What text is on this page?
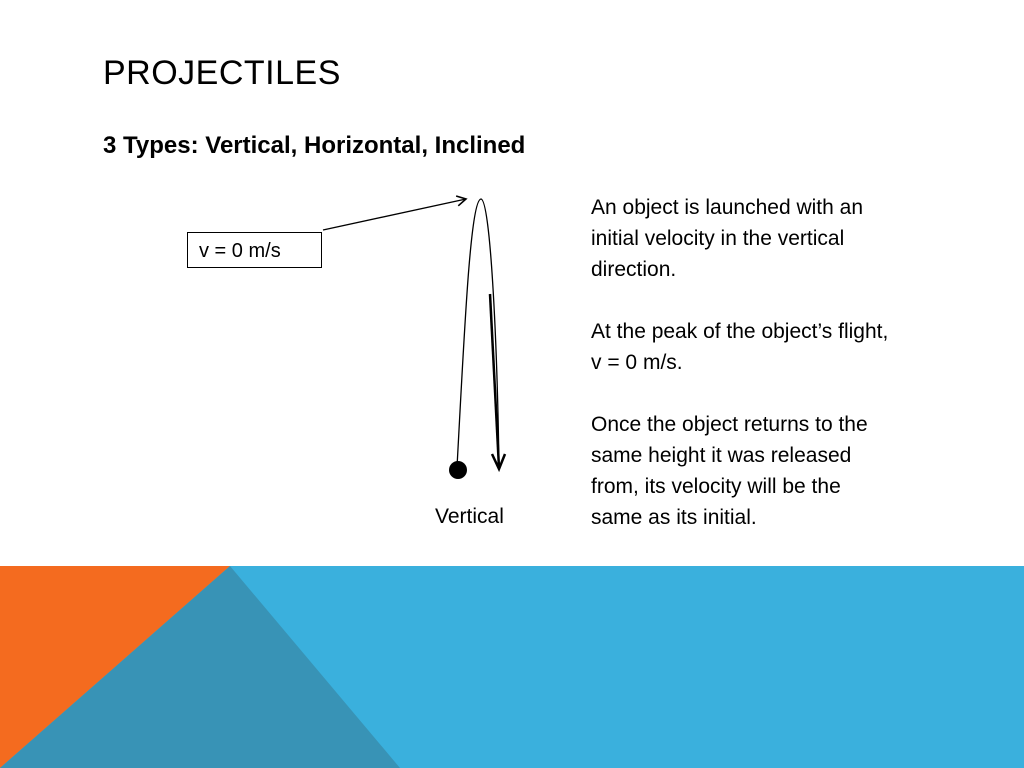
PROJECTILES
3 Types: Vertical, Horizontal, Inclined
v = 0 m/s
Vertical

An object is launched with an initial velocity in the vertical direction.

At the peak of the object’s flight, v = 0 m/s.

Once the object returns to the same height it was released from, its velocity will be the same as its initial.
